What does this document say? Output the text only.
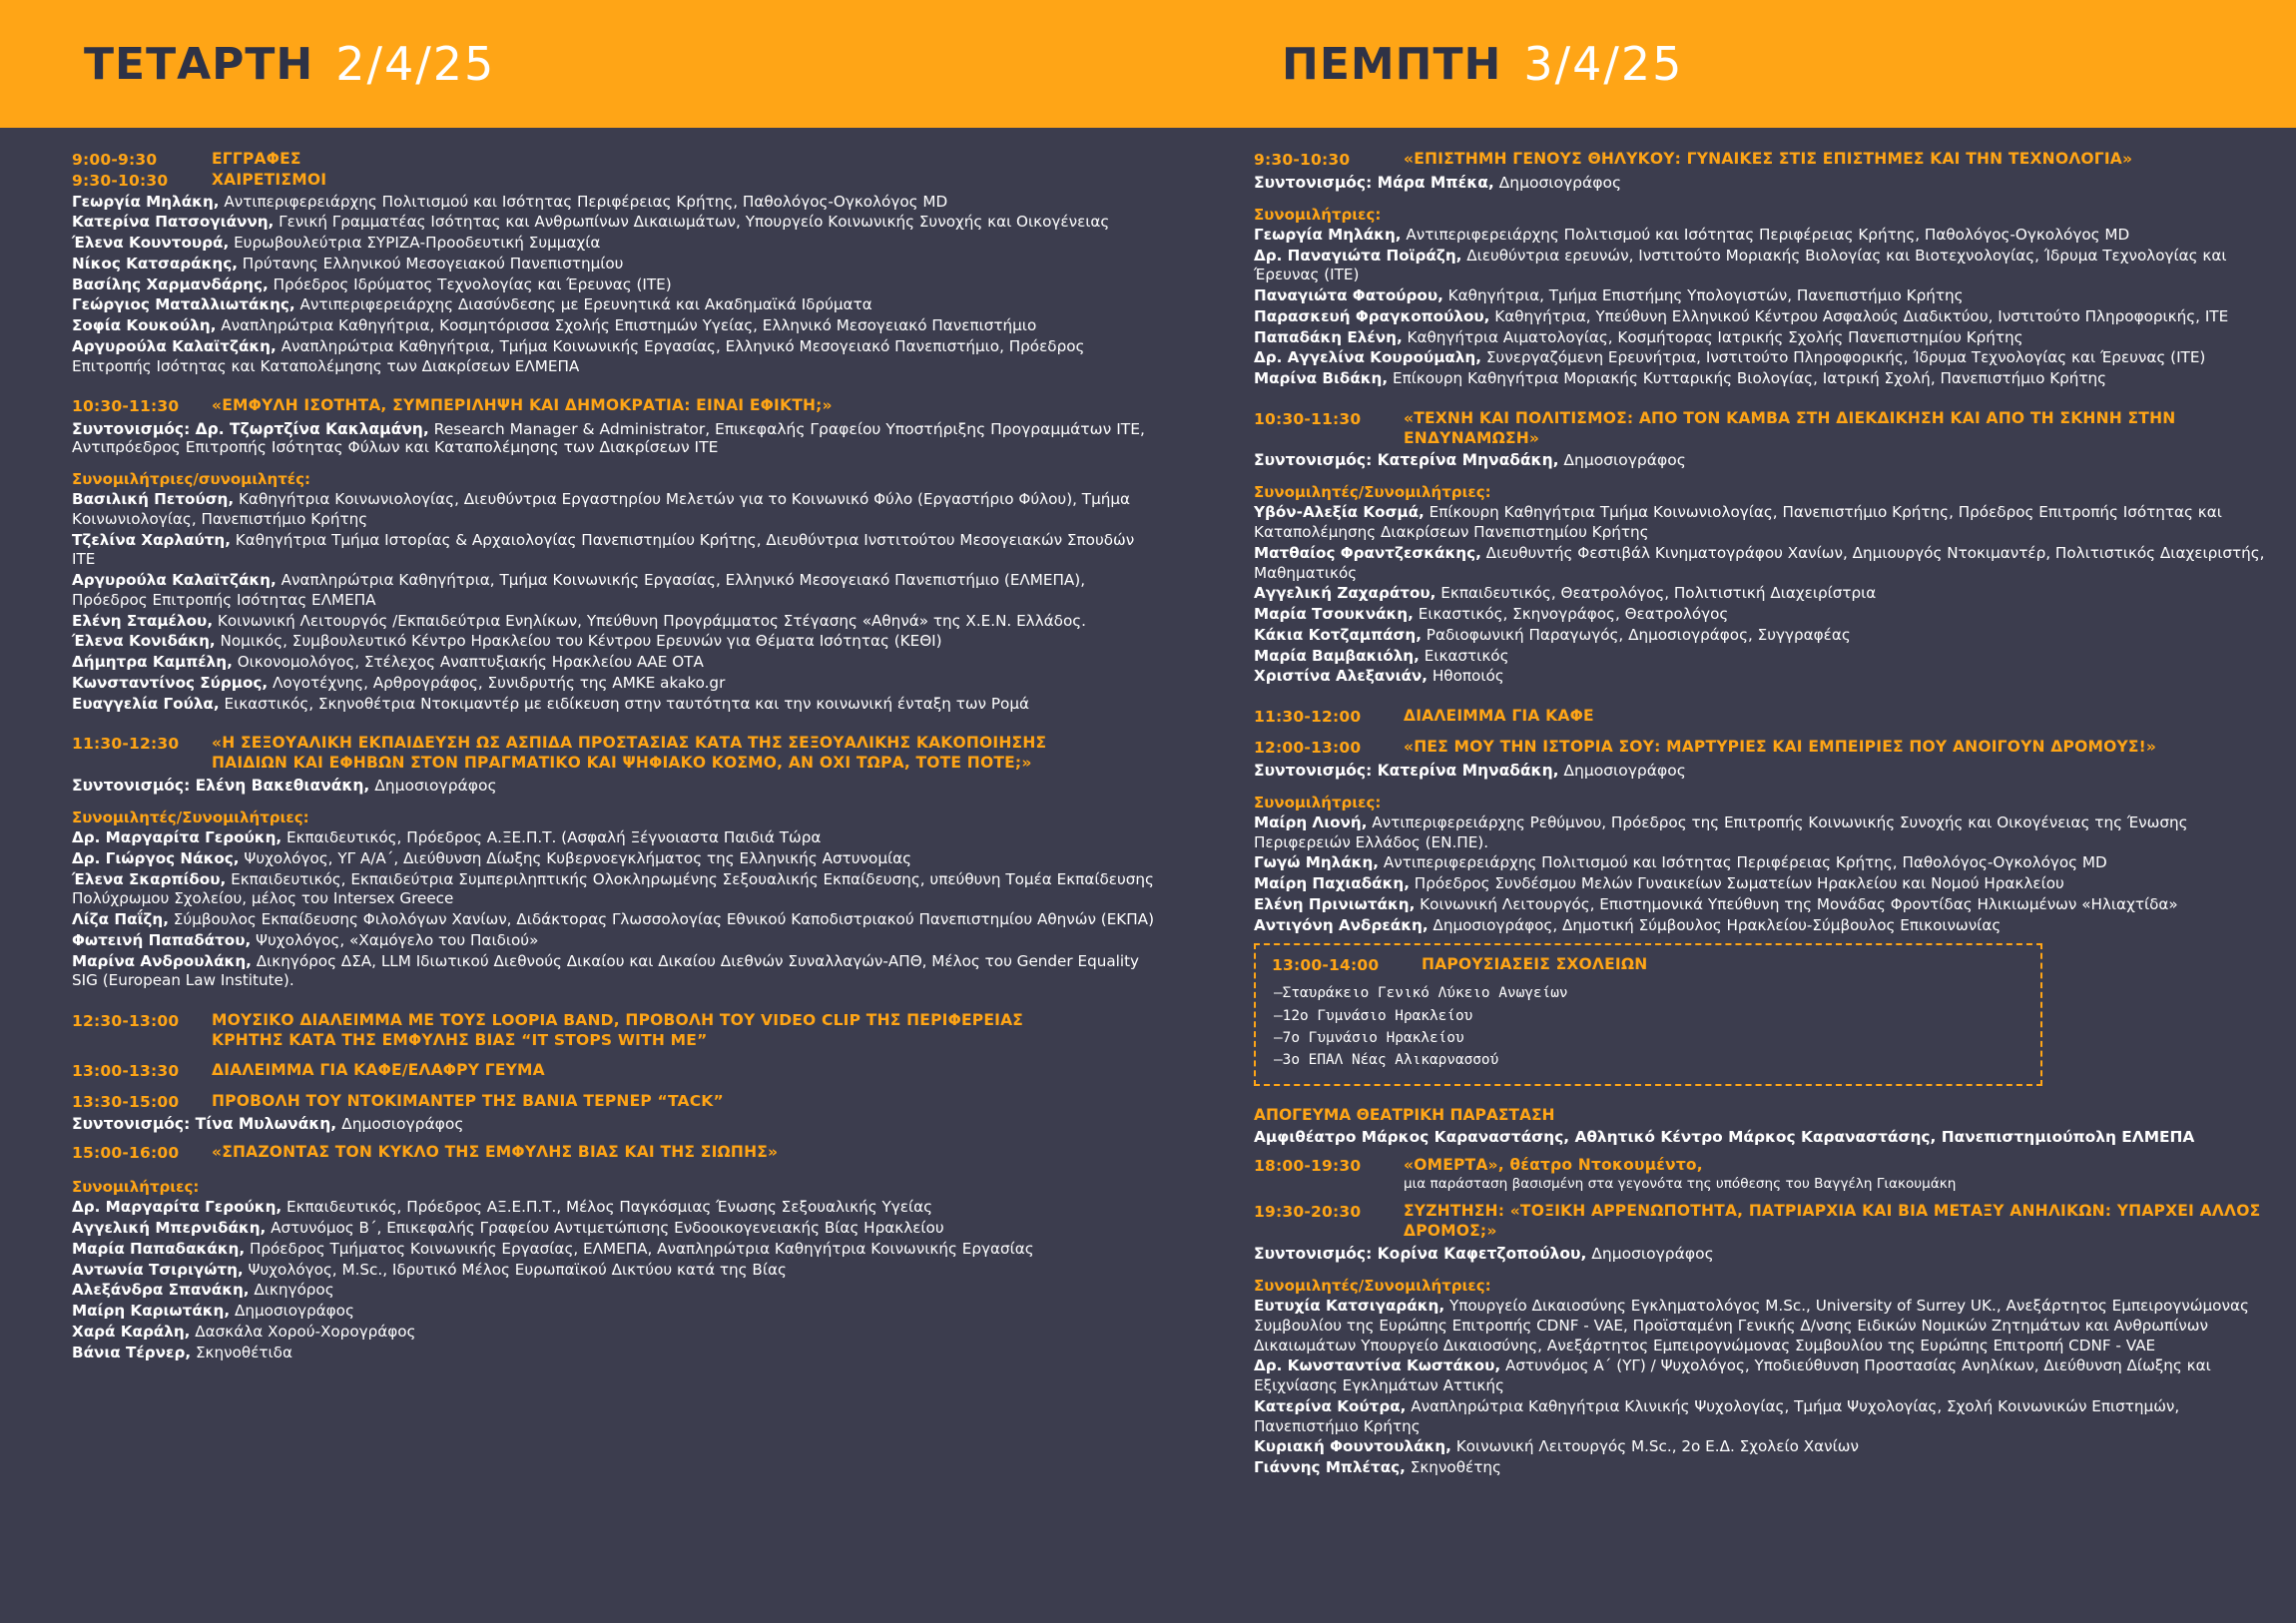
ΤΕΤΑΡΤΗ 2/4/25
9:00-9:30	ΕΓΓΡΑΦΕΣ
9:30-10:30	ΧΑΙΡΕΤΙΣΜΟΙ
Γεωργία Μηλάκη, Αντιπεριφερειάρχης Πολιτισμού και Ισότητας Περιφέρειας Κρήτης, Παθολόγος-Ογκολόγος MD
Κατερίνα Πατσογιάννη, Γενική Γραμματέας Ισότητας και Ανθρωπίνων Δικαιωμάτων, Υπουργείο Κοινωνικής Συνοχής και Οικογένειας
Έλενα Κουντουρά, Ευρωβουλεύτρια ΣΥΡΙΖΑ-Προοδευτική Συμμαχία
Νίκος Κατσαράκης, Πρύτανης Ελληνικού Μεσογειακού Πανεπιστημίου
Βασίλης Χαρμανδάρης, Πρόεδρος Ιδρύματος Τεχνολογίας και Έρευνας (ΙΤΕ)
Γεώργιος Ματαλλιωτάκης, Αντιπεριφερειάρχης Διασύνδεσης με Ερευνητικά και Ακαδημαϊκά Ιδρύματα
Σοφία Κουκούλη, Αναπληρώτρια Καθηγήτρια, Κοσμητόρισσα Σχολής Επιστημών Υγείας, Ελληνικό Μεσογειακό Πανεπιστήμιο
Αργυρούλα Καλαϊτζάκη, Αναπληρώτρια Καθηγήτρια, Τμήμα Κοινωνικής Εργασίας, Ελληνικό Μεσογειακό Πανεπιστήμιο, Πρόεδρος Επιτροπής Ισότητας και Καταπολέμησης των Διακρίσεων ΕΛΜΕΠΑ
10:30-11:30	«ΕΜΦΥΛΗ ΙΣΟΤΗΤΑ, ΣΥΜΠΕΡΙΛΗΨΗ ΚΑΙ ΔΗΜΟΚΡΑΤΙΑ: ΕΙΝΑΙ ΕΦΙΚΤΗ;»
Συντονισμός: Δρ. Τζωρτζίνα Κακλαμάνη, Research Manager & Administrator, Επικεφαλής Γραφείου Υποστήριξης Προγραμμάτων ΙΤΕ, Αντιπρόεδρος Επιτροπής Ισότητας Φύλων και Καταπολέμησης των Διακρίσεων ΙΤΕ
Συνομιλήτριες/συνομιλητές:
Βασιλική Πετούση, Καθηγήτρια Κοινωνιολογίας, Διευθύντρια Εργαστηρίου Μελετών για το Κοινωνικό Φύλο (Εργαστήριο Φύλου), Τμήμα Κοινωνιολογίας, Πανεπιστήμιο Κρήτης
Τζελίνα Χαρλαύτη, Καθηγήτρια Τμήμα Ιστορίας & Αρχαιολογίας Πανεπιστημίου Κρήτης, Διευθύντρια Ινστιτούτου Μεσογειακών Σπουδών ΙΤΕ
Αργυρούλα Καλαϊτζάκη, Αναπληρώτρια Καθηγήτρια, Τμήμα Κοινωνικής Εργασίας, Ελληνικό Μεσογειακό Πανεπιστήμιο (ΕΛΜΕΠΑ), Πρόεδρος Επιτροπής Ισότητας ΕΛΜΕΠΑ
Ελένη Σταμέλου, Κοινωνική Λειτουργός /Εκπαιδεύτρια Ενηλίκων, Υπεύθυνη Προγράμματος Στέγασης «Αθηνά» της Χ.Ε.Ν. Ελλάδος.
Έλενα Κονιδάκη, Νομικός, Συμβουλευτικό Κέντρο Ηρακλείου του Κέντρου Ερευνών για Θέματα Ισότητας (ΚΕΘΙ)
Δήμητρα Καμπέλη, Οικονομολόγος, Στέλεχος Αναπτυξιακής Ηρακλείου ΑΑΕ ΟΤΑ
Κωνσταντίνος Σύρμος, Λογοτέχνης, Αρθρογράφος, Συνιδρυτής της ΑΜΚΕ akako.gr
Ευαγγελία Γούλα, Εικαστικός, Σκηνοθέτρια Ντοκιμαντέρ με ειδίκευση στην ταυτότητα και την κοινωνική ένταξη των Ρομά
11:30-12:30	«Η ΣΕΞΟΥΑΛΙΚΗ ΕΚΠΑΙΔΕΥΣΗ ΩΣ ΑΣΠΙΔΑ ΠΡΟΣΤΑΣΙΑΣ ΚΑΤΑ ΤΗΣ ΣΕΞΟΥΑΛΙΚΗΣ ΚΑΚΟΠΟΙΗΣΗΣ ΠΑΙΔΙΩΝ ΚΑΙ ΕΦΗΒΩΝ ΣΤΟΝ ΠΡΑΓΜΑΤΙΚΟ ΚΑΙ ΨΗΦΙΑΚΟ ΚΟΣΜΟ, ΑΝ ΟΧΙ ΤΩΡΑ, ΤΟΤΕ ΠΟΤΕ;»
Συντονισμός: Ελένη Βακεθιανάκη, Δημοσιογράφος
Συνομιλητές/Συνομιλήτριες:
Δρ. Μαργαρίτα Γερούκη, Εκπαιδευτικός, Πρόεδρος Α.ΞΕ.Π.Τ. (Ασφαλή Ξέγνοιαστα Παιδιά Τώρα
Δρ. Γιώργος Νάκος, Ψυχολόγος, ΥΓ Α/Α΄, Διεύθυνση Δίωξης Κυβερνοεγκλήματος της Ελληνικής Αστυνομίας
Έλενα Σκαρπίδου, Εκπαιδευτικός, Εκπαιδεύτρια Συμπεριληπτικής Ολοκληρωμένης Σεξουαλικής Εκπαίδευσης, υπεύθυνη Τομέα Εκπαίδευσης Πολύχρωμου Σχολείου, μέλος του Intersex Greece
Λίζα Παΐζη, Σύμβουλος Εκπαίδευσης Φιλολόγων Χανίων, Διδάκτορας Γλωσσολογίας Εθνικού Καποδιστριακού Πανεπιστημίου Αθηνών (ΕΚΠΑ)
Φωτεινή Παπαδάτου, Ψυχολόγος, «Χαμόγελο του Παιδιού»
Μαρίνα Ανδρουλάκη, Δικηγόρος ΔΣΑ, LLM Ιδιωτικού Διεθνούς Δικαίου και Δικαίου Διεθνών Συναλλαγών-ΑΠΘ, Μέλος του Gender Equality SIG (European Law Institute).
12:30-13:00	ΜΟΥΣΙΚΟ ΔΙΑΛΕΙΜΜΑ ΜΕ ΤΟΥΣ LOOPIA BAND, ΠΡΟΒΟΛΗ ΤΟΥ VIDEO CLIP ΤΗΣ ΠΕΡΙΦΕΡΕΙΑΣ ΚΡΗΤΗΣ ΚΑΤΑ ΤΗΣ ΕΜΦΥΛΗΣ ΒΙΑΣ “IT STOPS WITH ME”
13:00-13:30	ΔΙΑΛΕΙΜΜΑ ΓΙΑ ΚΑΦΕ/ΕΛΑΦΡΥ ΓΕΥΜΑ
13:30-15:00	ΠΡΟΒΟΛΗ ΤΟΥ ΝΤΟΚΙΜΑΝΤΕΡ ΤΗΣ ΒΑΝΙΑ ΤΕΡΝΕΡ “TACK”
Συντονισμός: Τίνα Μυλωνάκη, Δημοσιογράφος
15:00-16:00	«ΣΠΑΖΟΝΤΑΣ ΤΟΝ ΚΥΚΛΟ ΤΗΣ ΕΜΦΥΛΗΣ ΒΙΑΣ ΚΑΙ ΤΗΣ ΣΙΩΠΗΣ»
Συνομιλήτριες:
Δρ. Μαργαρίτα Γερούκη, Εκπαιδευτικός, Πρόεδρος ΑΞ.Ε.Π.Τ., Μέλος Παγκόσμιας Ένωσης Σεξουαλικής Υγείας
Αγγελική Μπερνιδάκη, Αστυνόμος Β΄, Επικεφαλής Γραφείου Αντιμετώπισης Ενδοοικογενειακής Βίας Ηρακλείου
Μαρία Παπαδακάκη, Πρόεδρος Τμήματος Κοινωνικής Εργασίας, ΕΛΜΕΠΑ, Αναπληρώτρια Καθηγήτρια Κοινωνικής Εργασίας
Αντωνία Τσιριγώτη, Ψυχολόγος, M.Sc., Ιδρυτικό Μέλος Ευρωπαϊκού Δικτύου κατά της Βίας
Αλεξάνδρα Σπανάκη, Δικηγόρος
Μαίρη Καριωτάκη, Δημοσιογράφος
Χαρά Καράλη, Δασκάλα Χορού-Χορογράφος
Βάνια Τέρνερ, Σκηνοθέτιδα
ΠΕΜΠΤΗ 3/4/25
9:30-10:30	«ΕΠΙΣΤΗΜΗ ΓΕΝΟΥΣ ΘΗΛΥΚΟΥ: ΓΥΝΑΙΚΕΣ ΣΤΙΣ ΕΠΙΣΤΗΜΕΣ ΚΑΙ ΤΗΝ ΤΕΧΝΟΛΟΓΙΑ»
Συντονισμός: Μάρα Μπέκα, Δημοσιογράφος
Συνομιλήτριες:
Γεωργία Μηλάκη, Αντιπεριφερειάρχης Πολιτισμού και Ισότητας Περιφέρειας Κρήτης, Παθολόγος-Ογκολόγος MD
Δρ. Παναγιώτα Ποϊράζη, Διευθύντρια ερευνών, Ινστιτούτο Μοριακής Βιολογίας και Βιοτεχνολογίας, Ίδρυμα Τεχνολογίας και Έρευνας (ΙΤΕ)
Παναγιώτα Φατούρου, Καθηγήτρια, Τμήμα Επιστήμης Υπολογιστών, Πανεπιστήμιο Κρήτης
Παρασκευή Φραγκοπούλου, Καθηγήτρια, Υπεύθυνη Ελληνικού Κέντρου Ασφαλούς Διαδικτύου, Ινστιτούτο Πληροφορικής, ΙΤΕ
Παπαδάκη Ελένη, Καθηγήτρια Αιματολογίας, Κοσμήτορας Ιατρικής Σχολής Πανεπιστημίου Κρήτης
Δρ. Αγγελίνα Κουρούμαλη, Συνεργαζόμενη Ερευνήτρια, Ινστιτούτο Πληροφορικής, Ίδρυμα Τεχνολογίας και Έρευνας (ΙΤΕ)
Μαρίνα Βιδάκη, Επίκουρη Καθηγήτρια Μοριακής Κυτταρικής Βιολογίας, Ιατρική Σχολή, Πανεπιστήμιο Κρήτης
10:30-11:30	«ΤΕΧΝΗ ΚΑΙ ΠΟΛΙΤΙΣΜΟΣ: ΑΠΟ ΤΟΝ ΚΑΜΒΑ ΣΤΗ ΔΙΕΚΔΙΚΗΣΗ ΚΑΙ ΑΠΟ ΤΗ ΣΚΗΝΗ ΣΤΗΝ ΕΝΔΥΝΑΜΩΣΗ»
Συντονισμός: Κατερίνα Μηναδάκη, Δημοσιογράφος
Συνομιλητές/Συνομιλήτριες:
Υβόν-Αλεξία Κοσμά, Επίκουρη Καθηγήτρια Τμήμα Κοινωνιολογίας, Πανεπιστήμιο Κρήτης, Πρόεδρος Επιτροπής Ισότητας και Καταπολέμησης Διακρίσεων Πανεπιστημίου Κρήτης
Ματθαίος Φραντζεσκάκης, Διευθυντής Φεστιβάλ Κινηματογράφου Χανίων, Δημιουργός Ντοκιμαντέρ, Πολιτιστικός Διαχειριστής, Μαθηματικός
Αγγελική Ζαχαράτου, Εκπαιδευτικός, Θεατρολόγος, Πολιτιστική Διαχειρίστρια
Μαρία Τσουκνάκη, Εικαστικός, Σκηνογράφος, Θεατρολόγος
Κάκια Κοτζαμπάση, Ραδιοφωνική Παραγωγός, Δημοσιογράφος, Συγγραφέας
Μαρία Βαμβακιόλη, Εικαστικός
Χριστίνα Αλεξανιάν, Ηθοποιός
11:30-12:00	ΔΙΑΛΕΙΜΜΑ ΓΙΑ ΚΑΦΕ
12:00-13:00	«ΠΕΣ ΜΟΥ ΤΗΝ ΙΣΤΟΡΙΑ ΣΟΥ: ΜΑΡΤΥΡΙΕΣ ΚΑΙ ΕΜΠΕΙΡΙΕΣ ΠΟΥ ΑΝΟΙΓΟΥΝ ΔΡΟΜΟΥΣ!»
Συντονισμός: Κατερίνα Μηναδάκη, Δημοσιογράφος
Συνομιλήτριες:
Μαίρη Λιονή, Αντιπεριφερειάρχης Ρεθύμνου, Πρόεδρος της Επιτροπής Κοινωνικής Συνοχής και Οικογένειας της Ένωσης Περιφερειών Ελλάδος (ΕΝ.ΠΕ).
Γωγώ Μηλάκη, Αντιπεριφερειάρχης Πολιτισμού και Ισότητας Περιφέρειας Κρήτης, Παθολόγος-Ογκολόγος MD
Μαίρη Παχιαδάκη, Πρόεδρος Συνδέσμου Μελών Γυναικείων Σωματείων Ηρακλείου και Νομού Ηρακλείου
Ελένη Πρινιωτάκη, Κοινωνική Λειτουργός, Επιστημονικά Υπεύθυνη της Μονάδας Φροντίδας Ηλικιωμένων «Ηλιαχτίδα»
Αντιγόνη Ανδρεάκη, Δημοσιογράφος, Δημοτική Σύμβουλος Ηρακλείου-Σύμβουλος Επικοινωνίας
13:00-14:00	ΠΑΡΟΥΣΙΑΣΕΙΣ ΣΧΟΛΕΙΩΝ
–Σταυράκειο Γενικό Λύκειο Ανωγείων
–12ο Γυμνάσιο Ηρακλείου
–7ο Γυμνάσιο Ηρακλείου
–3ο ΕΠΑΛ Νέας Αλικαρνασσού
ΑΠΟΓΕΥΜΑ ΘΕΑΤΡΙΚΗ ΠΑΡΑΣΤΑΣΗ
Αμφιθέατρο Μάρκος Καραναστάσης, Αθλητικό Κέντρο Μάρκος Καραναστάσης, Πανεπιστημιούπολη ΕΛΜΕΠΑ
18:00-19:30	«ΟΜΕΡΤΑ», θέατρο Ντοκουμέντο,
μια παράσταση βασισμένη στα γεγονότα της υπόθεσης του Βαγγέλη Γιακουμάκη
19:30-20:30	ΣΥΖΗΤΗΣΗ: «ΤΟΞΙΚΗ ΑΡΡΕΝΩΠΟΤΗΤΑ, ΠΑΤΡΙΑΡΧΙΑ ΚΑΙ ΒΙΑ ΜΕΤΑΞΥ ΑΝΗΛΙΚΩΝ: ΥΠΑΡΧΕΙ ΑΛΛΟΣ ΔΡΟΜΟΣ;»
Συντονισμός: Κορίνα Καφετζοπούλου, Δημοσιογράφος
Συνομιλητές/Συνομιλήτριες:
Ευτυχία Κατσιγαράκη, Υπουργείο Δικαιοσύνης Εγκληματολόγος M.Sc., University of Surrey UK., Ανεξάρτητος Εμπειρογνώμονας Συμβουλίου της Ευρώπης Επιτροπής CDNF - VAE, Προϊσταμένη Γενικής Δ/νσης Ειδικών Νομικών Ζητημάτων και Ανθρωπίνων Δικαιωμάτων Υπουργείο Δικαιοσύνης, Ανεξάρτητος Εμπειρογνώμονας Συμβουλίου της Ευρώπης Επιτροπή CDNF - VAE
Δρ. Κωνσταντίνα Κωστάκου, Αστυνόμος Α΄ (ΥΓ) / Ψυχολόγος, Υποδιεύθυνση Προστασίας Ανηλίκων, Διεύθυνση Δίωξης και Εξιχνίασης Εγκλημάτων Αττικής
Κατερίνα Κούτρα, Αναπληρώτρια Καθηγήτρια Κλινικής Ψυχολογίας, Τμήμα Ψυχολογίας, Σχολή Κοινωνικών Επιστημών, Πανεπιστήμιο Κρήτης
Κυριακή Φουντουλάκη, Κοινωνική Λειτουργός M.Sc., 2ο Ε.Δ. Σχολείο Χανίων
Γιάννης Μπλέτας, Σκηνοθέτης
